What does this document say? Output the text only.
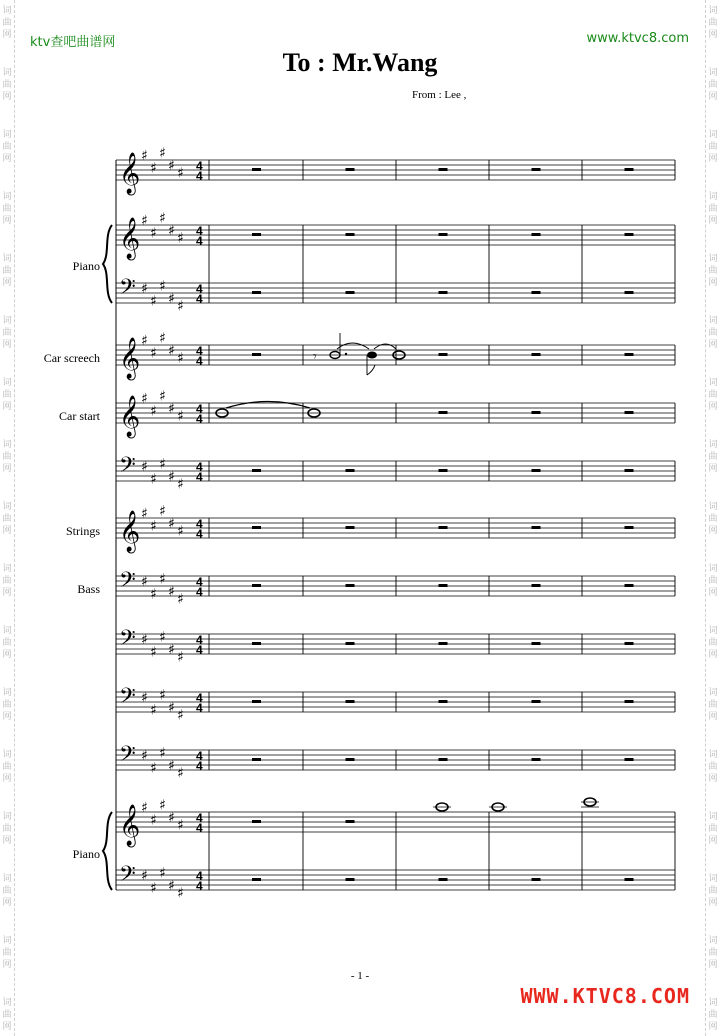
ktv查吧曲谱网	www.ktvc8.com
To : Mr.Wang
From : Lee ,
Piano
Car screech
Car start
Strings
Bass
Piano
𝄞 ♯
♯
♯
♯ ♯ 4
4
𝄞 ♯
♯
♯
♯ ♯ 4
4
𝄢 ♯
♯
♯
♯ ♯
4
4
𝄞 ♯
♯
♯
♯ ♯ 4
4
𝄞 ♯
♯
♯
♯ ♯ 4
4
𝄢 ♯
♯
♯
♯ ♯
4
4
𝄞 ♯
♯
♯
♯ ♯ 4
4
𝄢 ♯
♯
♯
♯ ♯
4
4
𝄢 ♯
♯
♯
♯ ♯
4
4
𝄢 ♯
♯
♯
♯ ♯
4
4
𝄢 ♯
♯
♯
♯ ♯
4
4
𝄞 ♯
♯
♯
♯ ♯ 4
4
𝄢 ♯
♯
♯
♯ ♯
4
4
𝄾
- 1 -
WWW.KTVC8.COM
词
曲
网
词
曲
网
词
曲
网
词
曲
网
词
曲
网
词
曲
网
词
曲
网
词
曲
网
词
曲
网
词
曲
网
词
曲
网
词
曲
网
词
曲
网
词
曲
网
词
曲
网
词
曲
网
词
曲
网
词
曲
网
词
曲
网
词
曲
网
词
曲
网
词
曲
网
词
曲
网
词
曲
网
词
曲
网
词
曲
网
词
曲
网
词
曲
网
词
曲
网
词
曲
网
词
曲
网
词
曲
网
词
曲
网
词
曲
网
